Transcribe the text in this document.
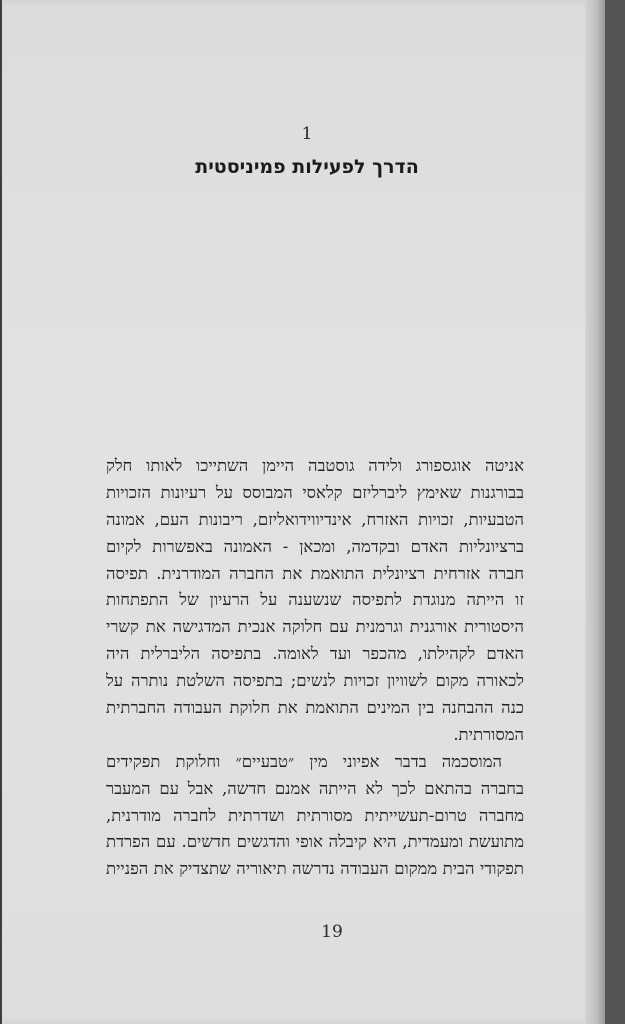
1
הדרך לפעילות פמיניסטית
אניטה אוגספורג ולידה גוסטבה היימן השתייכו לאותו חלק
בבורגנות שאימץ ליברליזם קלאסי המבוסס על רעיונות הזכויות
הטבעיות, זכויות האזרח, אינדיווידואליזם, ריבונות העם, אמונה
ברציונליות האדם ובקדמה, ומכאן - האמונה באפשרות לקיום
חברה אזרחית רציונלית התואמת את החברה המודרנית. תפיסה
זו הייתה מנוגדת לתפיסה שנשענה על הרעיון של התפתחות
היסטורית אורגנית וגרמנית עם חלוקה אנכית המדגישה את קשרי
האדם לקהילתו, מהכפר ועד לאומה. בתפיסה הליברלית היה
לכאורה מקום לשוויון זכויות לנשים; בתפיסה השלטת נותרה על
כנה ההבחנה בין המינים התואמת את חלוקת העבודה החברתית
המסורתית.
המוסכמה בדבר אפיוני מין ״טבעיים״ וחלוקת תפקידים
בחברה בהתאם לכך לא הייתה אמנם חדשה, אבל עם המעבר
מחברה טרום-תעשייתית מסורתית ושדרתית לחברה מודרנית,
מתועשת ומעמדית, היא קיבלה אופי והדגשים חדשים. עם הפרדת
תפקודי הבית ממקום העבודה נדרשה תיאוריה שתצדיק את הפניית
19
